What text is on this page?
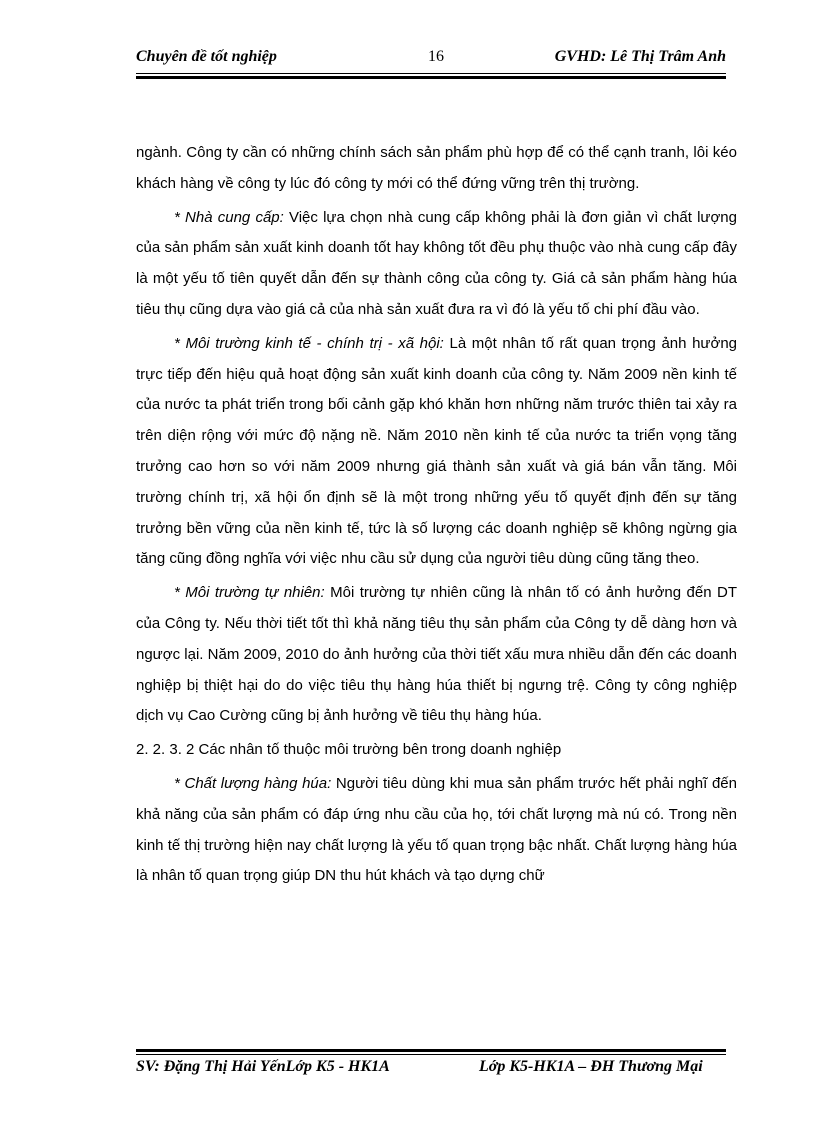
Chuyên đề tốt nghiệp	16	GVHD: Lê Thị Trâm Anh

ngành. Công ty cần có những chính sách sản phẩm phù hợp để có thể cạnh tranh, lôi kéo khách hàng về công ty lúc đó công ty mới có thể đứng vững trên thị trường.

* Nhà cung cấp: Việc lựa chọn nhà cung cấp không phải là đơn giản vì chất lượng của sản phẩm sản xuất kinh doanh tốt hay không tốt đều phụ thuộc vào nhà cung cấp đây là một yếu tố tiên quyết dẫn đến sự thành công của công ty. Giá cả sản phẩm hàng húa tiêu thụ cũng dựa vào giá cả của nhà sản xuất đưa ra vì đó là yếu tố chi phí đầu vào.

* Môi trường kinh tế - chính trị - xã hội: Là một nhân tố rất quan trọng ảnh hưởng trực tiếp đến hiệu quả hoạt động sản xuất kinh doanh của công ty. Năm 2009 nền kinh tế của nước ta phát triển trong bối cảnh gặp khó khăn hơn những năm trước thiên tai xảy ra trên diện rộng với mức độ nặng nề. Năm 2010 nền kinh tế của nước ta triển vọng tăng trưởng cao hơn so với năm 2009 nhưng giá thành sản xuất và giá bán vẫn tăng. Môi trường chính trị, xã hội ổn định sẽ là một trong những yếu tố quyết định đến sự tăng trưởng bền vững của nền kinh tế, tức là số lượng các doanh nghiệp sẽ không ngừng gia tăng cũng đồng nghĩa với việc nhu cầu sử dụng của người tiêu dùng cũng tăng theo.

* Môi trường tự nhiên: Môi trường tự nhiên cũng là nhân tố có ảnh hưởng đến DT của Công ty. Nếu thời tiết tốt thì khả năng tiêu thụ sản phẩm của Công ty dễ dàng hơn và ngược lại. Năm 2009, 2010 do ảnh hưởng của thời tiết xấu mưa nhiều dẫn đến các doanh nghiệp bị thiệt hại do do việc tiêu thụ hàng húa thiết bị ngưng trệ. Công ty công nghiệp dịch vụ Cao Cường cũng bị ảnh hưởng về tiêu thụ hàng húa.

2. 2. 3. 2 Các nhân tố thuộc môi trường bên trong doanh nghiệp

* Chất lượng hàng húa: Người tiêu dùng khi mua sản phẩm trước hết phải nghĩ đến khả năng của sản phẩm có đáp ứng nhu cầu của họ, tới chất lượng mà nú có. Trong nền kinh tế thị trường hiện nay chất lượng là yếu tố quan trọng bậc nhất. Chất lượng hàng húa là nhân tố quan trọng giúp DN thu hút khách và tạo dựng chữ

SV: Đặng Thị Hải YếnLớp K5 - HK1A	Lớp K5-HK1A – ĐH Thương Mại
